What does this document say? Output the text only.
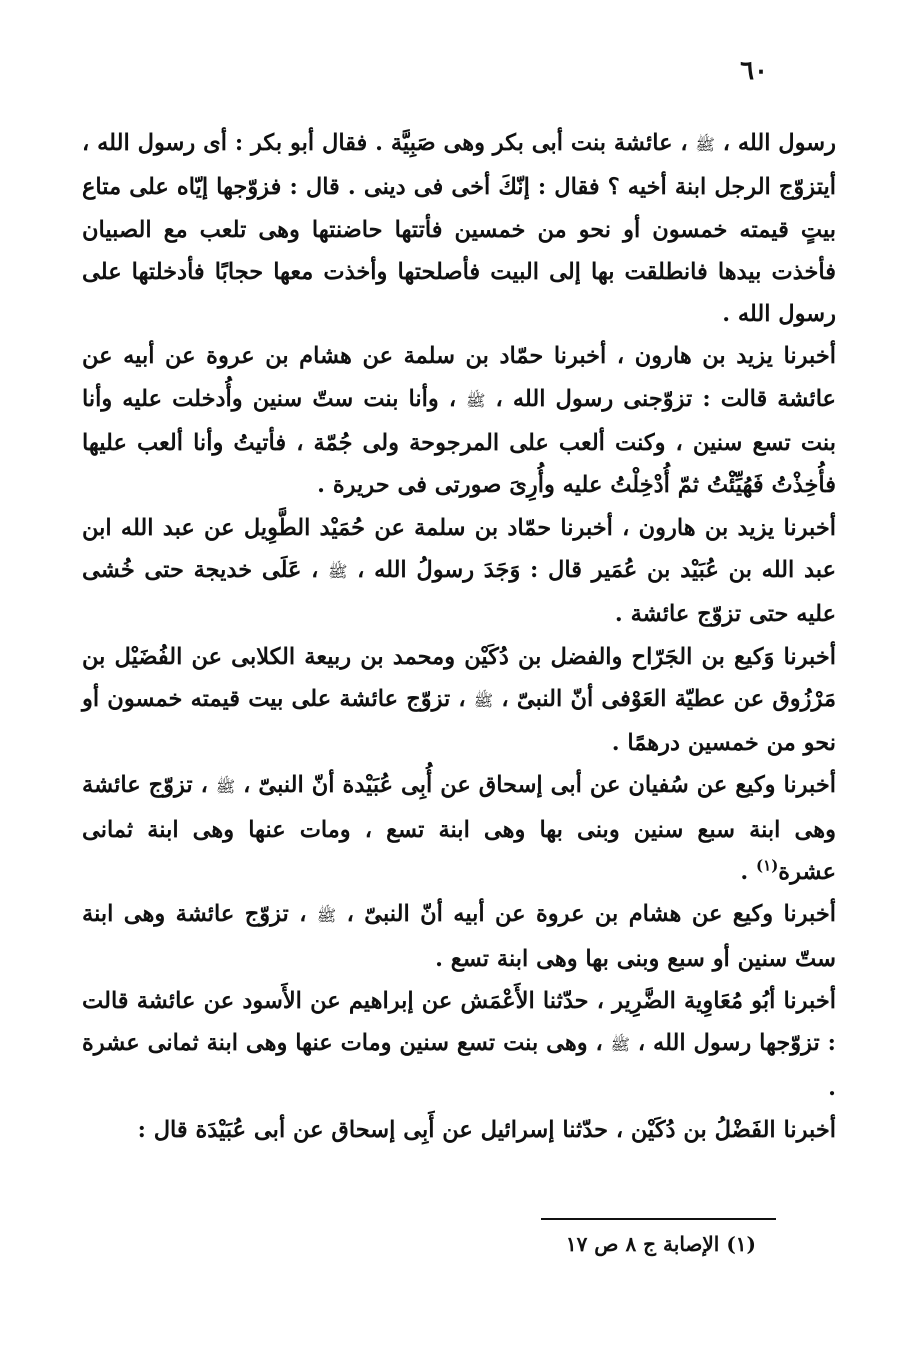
٦٠

رسول الله ، ﷺ ، عائشة بنت أبى بكر وهى صَبِيَّة . فقال أبو بكر : أى رسول الله ، أيتزوّج الرجل ابنة أخيه ؟ فقال : إنّكَ أخى فى دينى . قال : فزوّجها إيّاه على متاع بيتٍ قيمته خمسون أو نحو من خمسين فأتتها حاضنتها وهى تلعب مع الصبيان فأخذت بيدها فانطلقت بها إلى البيت فأصلحتها وأخذت معها حجابًا فأدخلتها على رسول الله .

أخبرنا يزيد بن هارون ، أخبرنا حمّاد بن سلمة عن هشام بن عروة عن أبيه عن عائشة قالت : تزوّجنى رسول الله ، ﷺ ، وأنا بنت ستّ سنين وأُدخلت عليه وأنا بنت تسع سنين ، وكنت ألعب على المرجوحة ولى جُمّة ، فأتيتُ وأنا ألعب عليها فأُخِذْتُ فَهُيِّئْتُ ثمّ أُدْخِلْتُ عليه وأُرِىَ صورتى فى حريرة .

أخبرنا يزيد بن هارون ، أخبرنا حمّاد بن سلمة عن حُمَيْد الطَّوِيل عن عبد الله ابن عبد الله بن عُبَيْد بن عُمَير قال : وَجَدَ رسولُ الله ، ﷺ ، عَلَى خديجة حتى خُشى عليه حتى تزوّج عائشة .

أخبرنا وَكيع بن الجَرّاح والفضل بن دُكَيْن ومحمد بن ربيعة الكلابى عن الفُضَيْل بن مَرْزُوق عن عطيّة العَوْفى أنّ النبىّ ، ﷺ ، تزوّج عائشة على بيت قيمته خمسون أو نحو من خمسين درهمًا .

أخبرنا وكيع عن سُفيان عن أبى إسحاق عن أُبِى عُبَيْدة أنّ النبىّ ، ﷺ ، تزوّج عائشة وهى ابنة سبع سنين وبنى بها وهى ابنة تسع ، ومات عنها وهى ابنة ثمانى عشرة$^{(١)}$ .

أخبرنا وكيع عن هشام بن عروة عن أبيه أنّ النبىّ ، ﷺ ، تزوّج عائشة وهى ابنة ستّ سنين أو سبع وبنى بها وهى ابنة تسع .

أخبرنا أبُو مُعَاوِية الضَّرِير ، حدّثنا الأَعْمَش عن إبراهيم عن الأَسود عن عائشة قالت : تزوّجها رسول الله ، ﷺ ، وهى بنت تسع سنين ومات عنها وهى ابنة ثمانى عشرة .

أخبرنا الفَضْلُ بن دُكَيْن ، حدّثنا إسرائيل عن أَبِى إسحاق عن أبى عُبَيْدَة قال :

(١) الإصابة ج ٨ ص ١٧
